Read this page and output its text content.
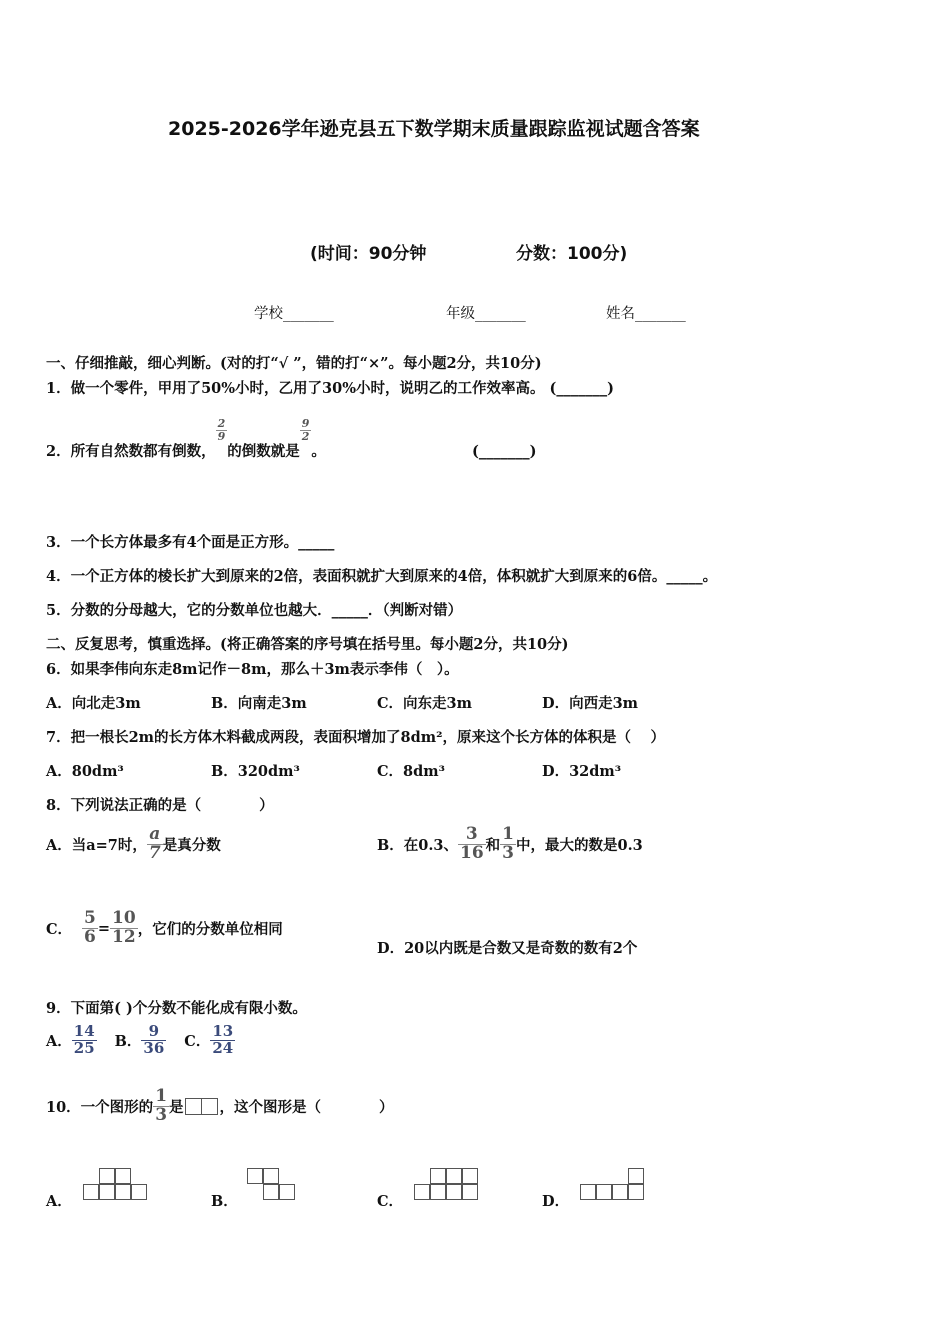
2025-2026学年逊克县五下数学期末质量跟踪监视试题含答案
(时间：90分钟	分数：100分)
学校_______	年级_______	姓名_______
一、仔细推敲，细心判断。(对的打“√ ”，错的打“×”。每小题2分，共10分)
1．做一个零件，甲用了50%小时，乙用了30%小时，说明乙的工作效率高。 (_______)
2．所有自然数都有倒数，
$\frac{2}{9}$
的倒数就是
$\frac{9}{2}$
。	(_______)
3．一个长方体最多有4个面是正方形。_____
4．一个正方体的棱长扩大到原来的2倍，表面积就扩大到原来的4倍，体积就扩大到原来的6倍。_____。
5．分数的分母越大，它的分数单位也越大．_____．（判断对错）
二、反复思考，慎重选择。(将正确答案的序号填在括号里。每小题2分，共10分)
6．如果李伟向东走8m记作－8m，那么＋3m表示李伟（　）。
A．向北走3m	B．向南走3m	C．向东走3m	D．向西走3m
7．把一根长2m的长方体木料截成两段，表面积增加了8dm²，原来这个长方体的体积是（　 ）
A．80dm³	B．320dm³	C．8dm³	D．32dm³
8．下列说法正确的是（　　　　）
A．当a=7时， $\frac{a}{7}$ 是真分数	B．在0.3、 $\frac{3}{16}$ 和 $\frac{1}{3}$ 中，最大的数是0.3
C． $\frac{5}{6} = \frac{10}{12}$ ，它们的分数单位相同
D．20以内既是合数又是奇数的数有2个
9．下面第( )个分数不能化成有限小数。
A． $\frac{14}{25}$ B． $\frac{9}{36}$ C． $\frac{13}{24}$
10．一个图形的 $\frac{1}{3}$ 是 ，这个图形是（　　　　）
A．	B．	C．	D．
